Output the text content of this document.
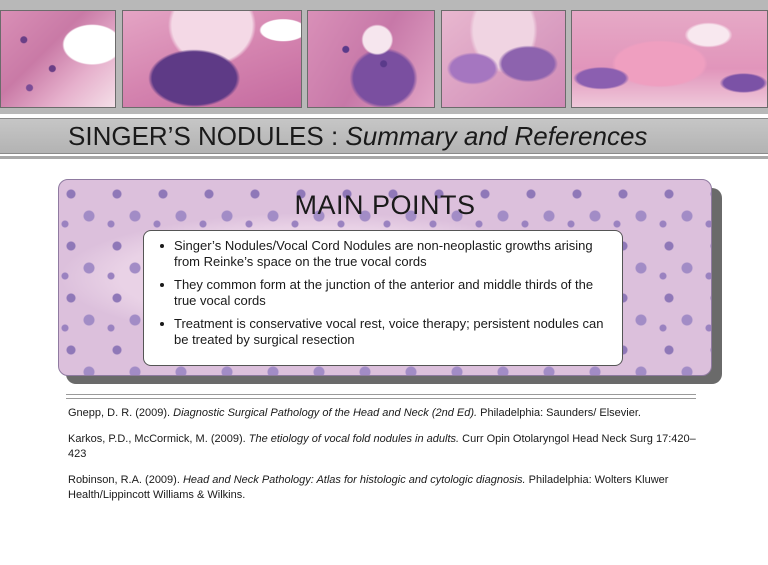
SINGER’S NODULES : Summary and References
MAIN POINTS
Singer’s Nodules/Vocal Cord Nodules are non-neoplastic growths arising from Reinke’s space on the true vocal cords
They common form at the junction of the anterior and middle thirds of the true vocal cords
Treatment is conservative vocal rest, voice therapy; persistent nodules can be treated by surgical resection

Gnepp, D. R. (2009). Diagnostic Surgical Pathology of the Head and Neck (2nd Ed). Philadelphia: Saunders/ Elsevier.

Karkos, P.D., McCormick, M. (2009). The etiology of vocal fold nodules in adults. Curr Opin Otolaryngol Head Neck Surg 17:420–423

Robinson, R.A. (2009). Head and Neck Pathology: Atlas for histologic and cytologic diagnosis. Philadelphia: Wolters Kluwer Health/Lippincott Williams & Wilkins.
